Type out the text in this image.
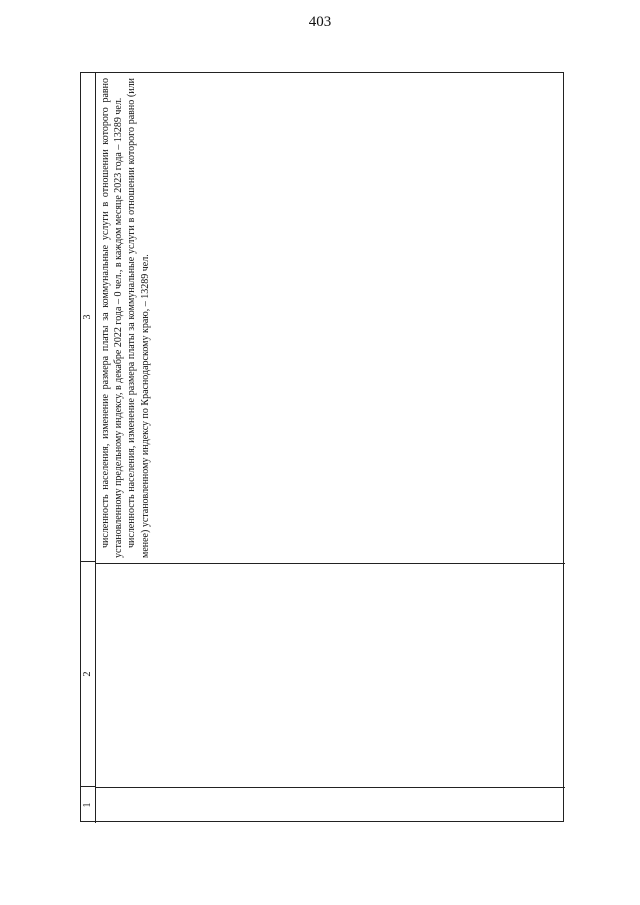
403
1
2
3 численность населения, изменение размера платы за коммунальные услуги в отношении которого равно установленному предельному индексу, в декабре 2022 года – 0 чел., в каждом месяце 2023 года – 13289 чел. численность населения, изменение размера платы за коммунальные услуги в отношении которого равно (или менее) установленному индексу по Краснодарскому краю, – 13289 чел.
